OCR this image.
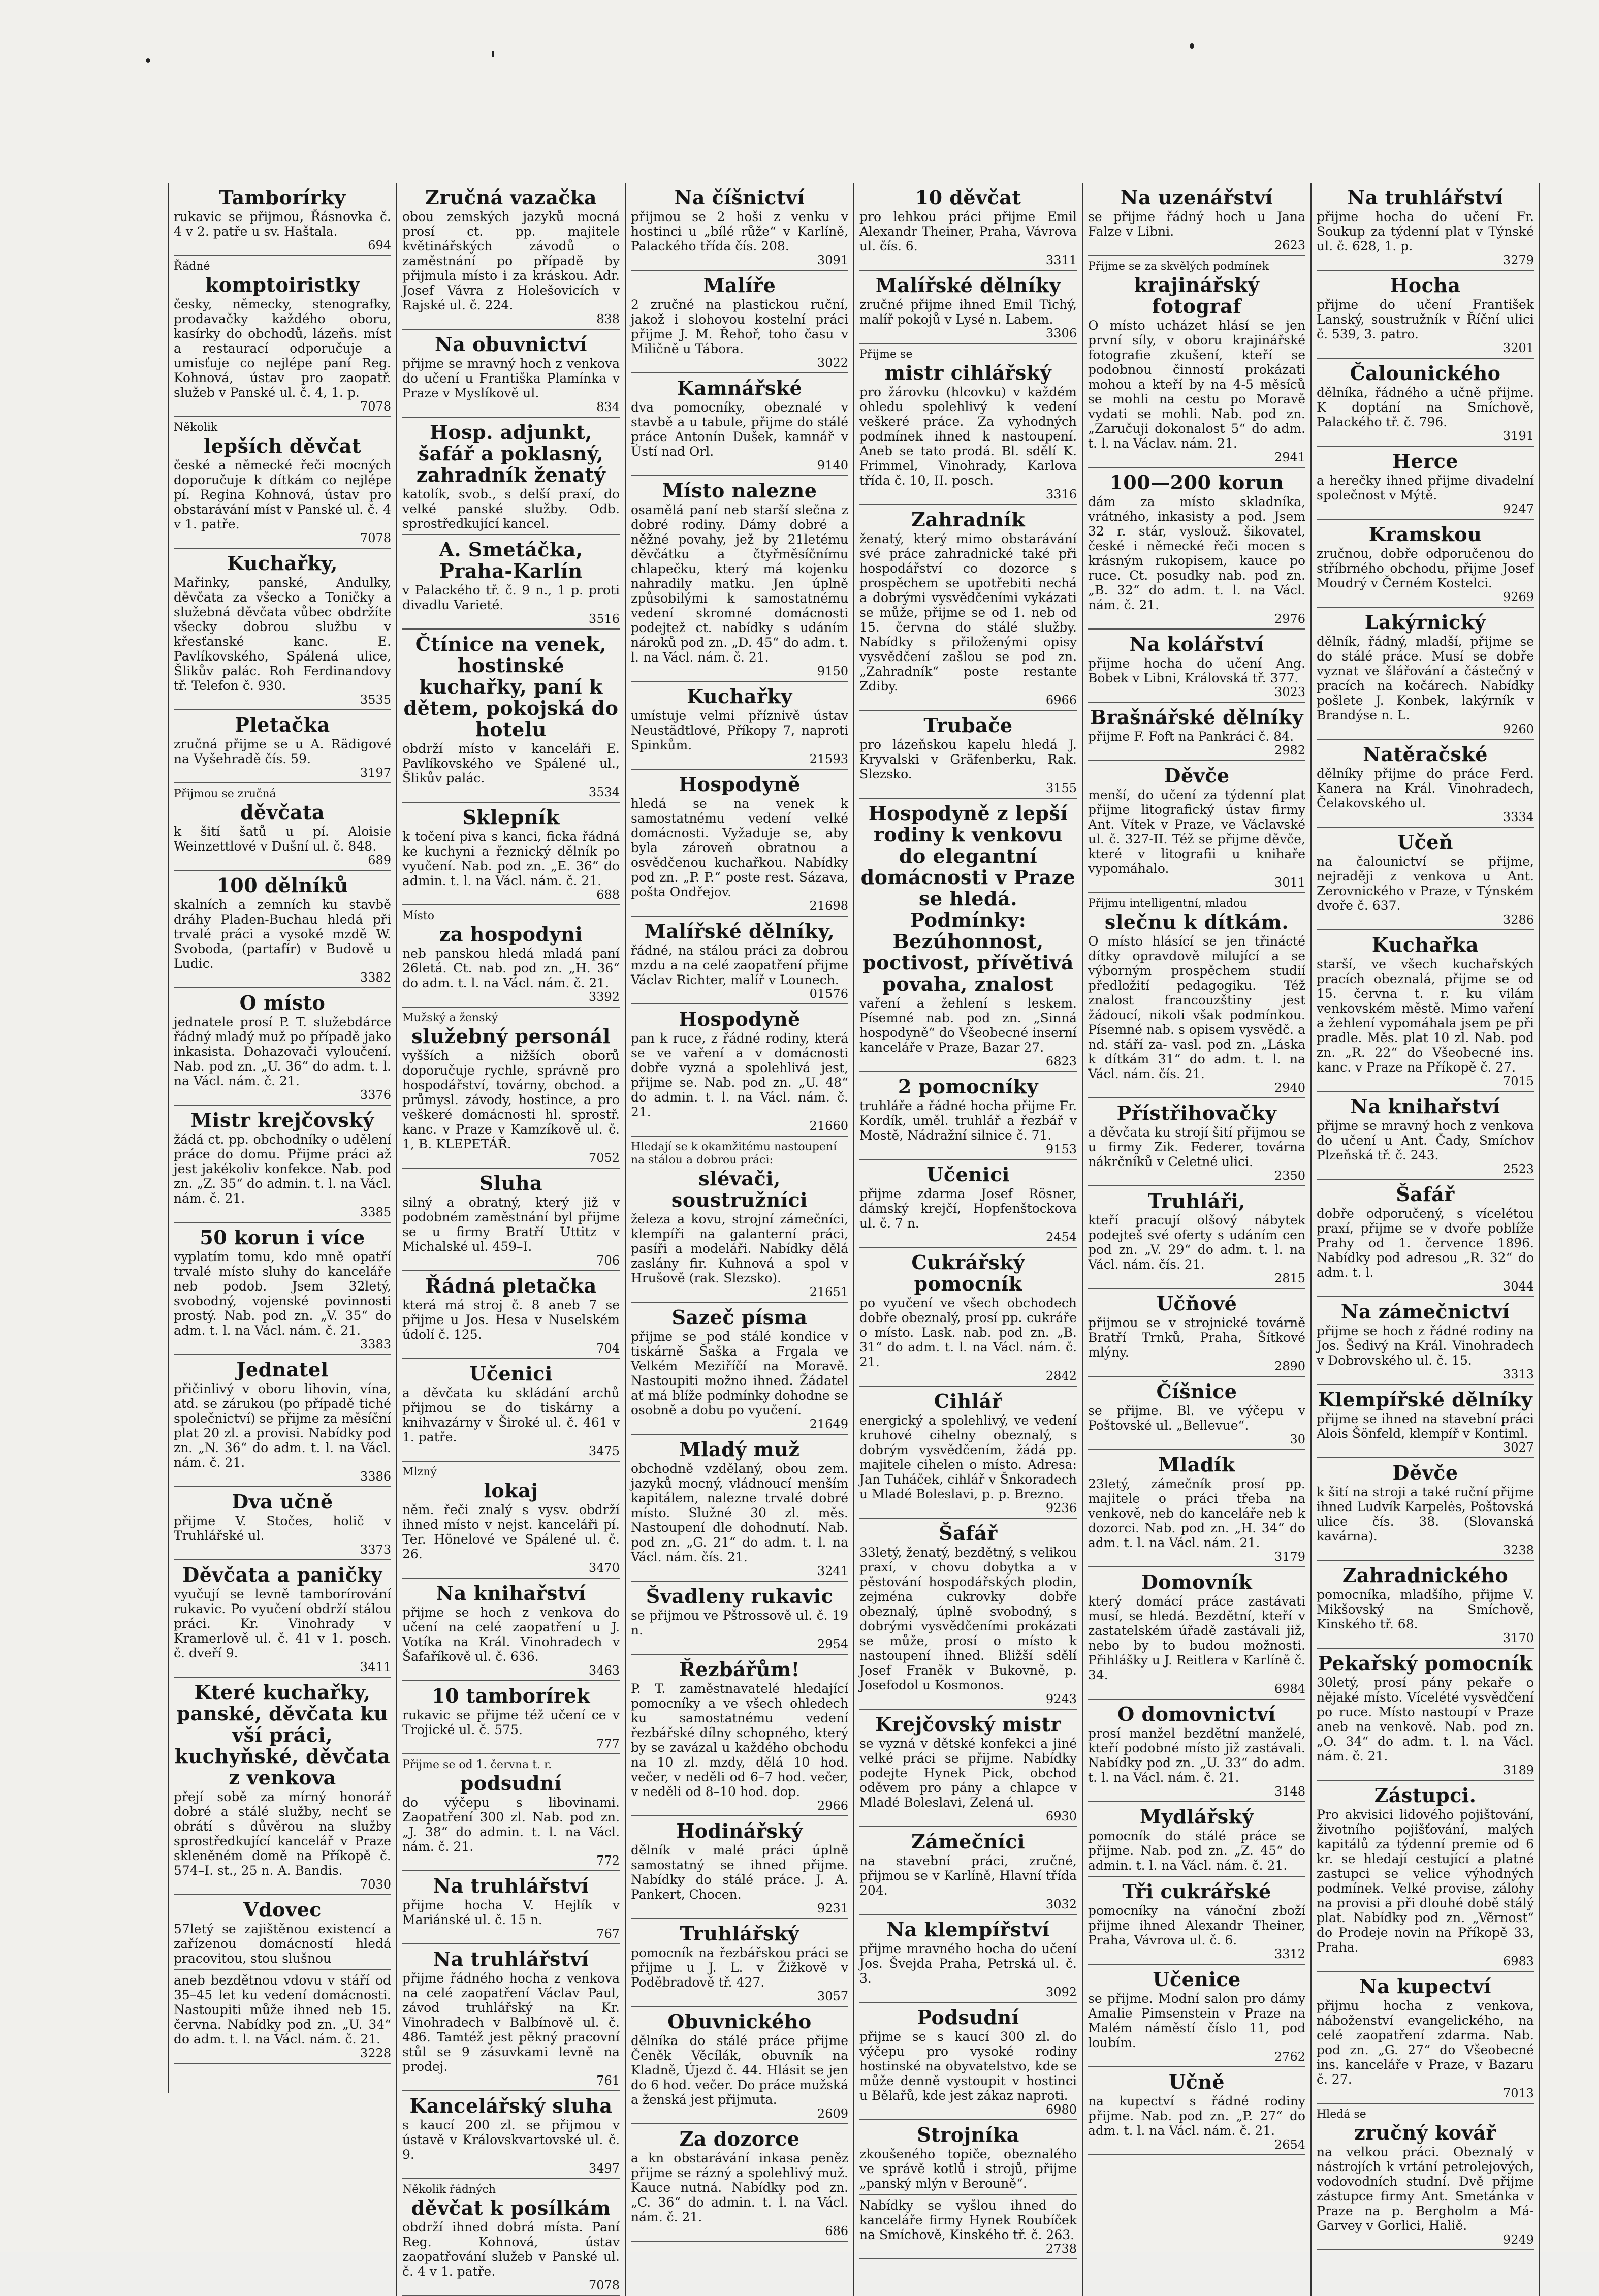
Tamborírky
rukavic se přijmou, Řásnovka č. 4 v 2. patře u sv. Haštala.
694
Řádné
komptoiristky
česky, německy, stenografky, prodavačky každého oboru, kasírky do obchodů, lázeňs. míst a restaurací odporučuje a umisťuje co nejlépe paní Reg. Kohnová, ústav pro zaopatř. služeb v Panské ul. č. 4, 1. p.
7078
Několik
lepších děvčat
české a německé řeči mocných doporučuje k dítkám co nejlépe pí. Regina Kohnová, ústav pro obstarávání míst v Panské ul. č. 4 v 1. patře.
7078
Kuchařky,
Mařinky, panské, Andulky, děvčata za všecko a Toničky a služebná děvčata vůbec obdržíte všecky dobrou službu v křesťanské kanc. E. Pavlíkovského, Spálená ulice, Šlikův palác. Roh Ferdinandovy tř. Telefon č. 930.
3535
Pletačka
zručná přijme se u A. Rädigové na Vyšehradě čís. 59.
3197
Přijmou se zručná
děvčata
k šití šatů u pí. Aloisie Weinzettlové v Dušní ul. č. 848.
689
100 dělníků
skalních a zemních ku stavbě dráhy Pladen-Buchau hledá při trvalé práci a vysoké mzdě W. Svoboda, (partafír) v Budově u Ludic.
3382
O místo
jednatele prosí P. T. služebdárce řádný mladý muž po případě jako inkasista. Dohazovači vyloučení. Nab. pod zn. „U. 36“ do adm. t. l. na Václ. nám. č. 21.
3376
Mistr krejčovský
žádá ct. pp. obchodníky o udělení práce do domu. Přijme práci až jest jakékoliv konfekce. Nab. pod zn. „Z. 35“ do admin. t. l. na Václ. nám. č. 21.
3385
50 korun i více
vyplatím tomu, kdo mně opatří trvalé místo sluhy do kanceláře neb podob. Jsem 32letý, svobodný, vojenské povinnosti prostý. Nab. pod zn. „V. 35“ do adm. t. l. na Václ. nám. č. 21.
3383
Jednatel
přičinlivý v oboru lihovin, vína, atd. se zárukou (po případě tiché společnictví) se přijme za měsíční plat 20 zl. a provisi. Nabídky pod zn. „N. 36“ do adm. t. l. na Václ. nám. č. 21.
3386
Dva učně
přijme V. Stočes, holič v Truhlářské ul.
3373
Děvčata a paničky
vyučují se levně tamborírování rukavic. Po vyučení obdrží stálou práci. Kr. Vinohrady v Kramerlově ul. č. 41 v 1. posch. č. dveří 9.
3411
Které kuchařky, panské, děvčata ku vší práci, kuchyňské, děvčata z venkova
přejí sobě za mírný honorář dobré a stálé služby, nechť se obrátí s důvěrou na služby sprostředkující kancelář v Praze skleněném domě na Příkopě č. 574–I. st., 25 n. A. Bandis.
7030
Vdovec
57letý se zajištěnou existencí a zařízenou domácností hledá pracovitou, stou slušnou
aneb bezdětnou vdovu v stáří od 35–45 let ku vedení domácnosti. Nastoupiti může ihned neb 15. června. Nabídky pod zn. „U. 34“ do adm. t. l. na Václ. nám. č. 21.
3228
Zručná vazačka
obou zemských jazyků mocná prosí ct. pp. majitele květinářských závodů o zaměstnání po případě by přijmula místo i za kráskou. Adr. Josef Vávra z Holešovicích v Rajské ul. č. 224.
838
Na obuvnictví
přijme se mravný hoch z venkova do učení u Františka Plamínka v Praze v Myslíkově ul.
834
Hosp. adjunkt, šafář a poklasný, zahradník ženatý
katolík, svob., s delší praxí, do velké panské služby. Odb. sprostředkující kancel.
A. Smetáčka, Praha-Karlín
v Palackého tř. č. 9 n., 1 p. proti divadlu Varieté.
3516
Čtínice na venek, hostinské kuchařky, paní k dětem, pokojská do hotelu
obdrží místo v kanceláři E. Pavlíkovského ve Spálené ul., Šlikův palác.
3534
Sklepník
k točení piva s kanci, ficka řádná ke kuchyni a řeznický dělník po vyučení. Nab. pod zn. „E. 36“ do admin. t. l. na Václ. nám. č. 21.
688
Místo
za hospodyni
neb panskou hledá mladá paní 26letá. Ct. nab. pod zn. „H. 36“ do adm. t. l. na Václ. nám. č. 21.
3392
Mužský a ženský
služebný personál
vyšších a nižších oborů doporučuje rychle, správně pro hospodářství, továrny, obchod. a průmysl. závody, hostince, a pro veškeré domácnosti hl. sprostř. kanc. v Praze v Kamzíkově ul. č. 1, B. KLEPETÁŘ.
7052
Sluha
silný a obratný, který již v podobném zaměstnání byl přijme se u firmy Bratří Uttitz v Michalské ul. 459–I.
706
Řádná pletačka
která má stroj č. 8 aneb 7 se přijme u Jos. Hesa v Nuselském údolí č. 125.
704
Učenici
a děvčata ku skládání archů přijmou se do tiskárny a knihvazárny v Široké ul. č. 461 v 1. patře.
3475
Mlzný
lokaj
něm. řeči znalý s vysv. obdrží ihned místo v nejst. kanceláři pí. Ter. Hönelové ve Spálené ul. č. 26.
3470
Na knihařství
přijme se hoch z venkova do učení na celé zaopatření u J. Votíka na Král. Vinohradech v Šafaříkově ul. č. 636.
3463
10 tamborírek
rukavic se přijme též učení ce v Trojické ul. č. 575.
777
Přijme se od 1. června t. r.
podsudní
do výčepu s libovinami. Zaopatření 300 zl. Nab. pod zn. „J. 38“ do admin. t. l. na Václ. nám. č. 21.
772
Na truhlářství
přijme hocha V. Hejlík v Mariánské ul. č. 15 n.
767
Na truhlářství
přijme řádného hocha z venkova na celé zaopatření Václav Paul, závod truhlářský na Kr. Vinohradech v Balbínově ul. č. 486. Tamtéž jest pěkný pracovní stůl se 9 zásuvkami levně na prodej.
761
Kancelářský sluha
s kaucí 200 zl. se přijmou v ústavě v Královskvartovské ul. č. 9.
3497
Několik řádných
děvčat k posílkám
obdrží ihned dobrá místa. Paní Reg. Kohnová, ústav zaopatřování služeb v Panské ul. č. 4 v 1. patře.
7078
Na číšnictví
přijmou se 2 hoši z venku v hostinci u „bílé růže“ v Karlíně, Palackého třída čís. 208.
3091
Malíře
2 zručné na plastickou ruční, jakož i slohovou kostelní práci přijme J. M. Řehoř, toho času v Miličně u Tábora.
3022
Kamnářské
dva pomocníky, obeznalé v stavbě a u tabule, přijme do stálé práce Antonín Dušek, kamnář v Ústí nad Orl.
9140
Místo nalezne
osamělá paní neb starší slečna z dobré rodiny. Dámy dobré a něžné povahy, jež by 21letému děvčátku a čtyřměsíčnímu chlapečku, který má kojenku nahradily matku. Jen úplně způsobilými k samostatnému vedení skromné domácnosti podejtež ct. nabídky s udáním nároků pod zn. „D. 45“ do adm. t. l. na Václ. nám. č. 21.
9150
Kuchařky
umístuje velmi příznivě ústav Neustädtlové, Příkopy 7, naproti Spinkům.
21593
Hospodyně
hledá se na venek k samostatnému vedení velké domácnosti. Vyžaduje se, aby byla zároveň obratnou a osvědčenou kuchařkou. Nabídky pod zn. „P. P.“ poste rest. Sázava, pošta Ondřejov.
21698
Malířské dělníky,
řádné, na stálou práci za dobrou mzdu a na celé zaopatření přijme Václav Richter, malíř v Lounech.
01576
Hospodyně
pan k ruce, z řádné rodiny, která se ve vaření a v domácnosti dobře vyzná a spolehlivá jest, přijme se. Nab. pod zn. „U. 48“ do admin. t. l. na Václ. nám. č. 21.
21660
Hledají se k okamžitému nastoupení na stálou a dobrou práci:
slévači, soustružníci
železa a kovu, strojní zámečníci, klempíři na galanterní práci, pasíři a modeláři. Nabídky dělá zaslány fir. Kuhnová a spol v Hrušově (rak. Slezsko).
21651
Sazeč písma
přijme se pod stálé kondice v tiskárně Šaška a Frgala ve Velkém Meziříčí na Moravě. Nastoupiti možno ihned. Žádatel ať má blíže podmínky dohodne se osobně a dobu po vyučení.
21649
Mladý muž
obchodně vzdělaný, obou zem. jazyků mocný, vládnoucí menším kapitálem, nalezne trvalé dobré místo. Služné 30 zl. měs. Nastoupení dle dohodnutí. Nab. pod zn. „G. 21“ do adm. t. l. na Václ. nám. čís. 21.
3241
Švadleny rukavic
se přijmou ve Pštrossově ul. č. 19 n.
2954
Řezbářům!
P. T. zaměstnavatelé hledající pomocníky a ve všech ohledech ku samostatnému vedení řezbářské dílny schopného, který by se zavázal u každého obchodu na 10 zl. mzdy, dělá 10 hod. večer, v neděli od 6–7 hod. večer, v neděli od 8–10 hod. dop.
2966
Hodinářský
dělník v malé práci úplně samostatný se ihned přijme. Nabídky do stálé práce. J. A. Pankert, Chocen.
9231
Truhlářský
pomocník na řezbářskou práci se přijme u J. L. v Žižkově v Poděbradově tř. 427.
3057
Obuvnického
dělníka do stálé práce přijme Čeněk Věcílák, obuvník na Kladně, Újezd č. 44. Hlásit se jen do 6 hod. večer. Do práce mužská a ženská jest přijmuta.
2609
Za dozorce
a kn obstarávání inkasa peněz přijme se rázný a spolehlivý muž. Kauce nutná. Nabídky pod zn. „C. 36“ do admin. t. l. na Václ. nám. č. 21.
686
10 děvčat
pro lehkou práci přijme Emil Alexandr Theiner, Praha, Vávrova ul. čís. 6.
3311
Malířské dělníky
zručné přijme ihned Emil Tichý, malíř pokojů v Lysé n. Labem.
3306
Přijme se
mistr cihlářský
pro žárovku (hlcovku) v každém ohledu spolehlivý k vedení veškeré práce. Za vyhodných podmínek ihned k nastoupení. Aneb se tato prodá. Bl. sdělí K. Frimmel, Vinohrady, Karlova třída č. 10, II. posch.
3316
Zahradník
ženatý, který mimo obstarávání své práce zahradnické také při hospodářství co dozorce s prospěchem se upotřebiti nechá a dobrými vysvědčeními vykázati se může, přijme se od 1. neb od 15. června do stálé služby. Nabídky s přiloženými opisy vysvědčení zašlou se pod zn. „Zahradník“ poste restante Zdiby.
6966
Trubače
pro lázeňskou kapelu hledá J. Kryvalski v Gräfenberku, Rak. Slezsko.
3155
Hospodyně z lepší rodiny k venkovu do elegantní domácnosti v Praze se hledá. Podmínky: Bezúhonnost, poctivost, přívětivá povaha, znalost
vaření a žehlení s leskem. Písemné nab. pod zn. „Sinná hospodyně“ do Všeobecné inserní kanceláře v Praze, Bazar 27.
6823
2 pomocníky
truhláře a řádné hocha přijme Fr. Kordík, uměl. truhlář a řezbář v Mostě, Nádražní silnice č. 71.
9153
Učenici
přijme zdarma Josef Rösner, dámský krejčí, Hopfenštockova ul. č. 7 n.
2454
Cukrářský pomocník
po vyučení ve všech obchodech dobře obeznalý, prosí pp. cukráře o místo. Lask. nab. pod zn. „B. 31“ do adm. t. l. na Václ. nám. č. 21.
2842
Cihlář
energický a spolehlivý, ve vedení kruhové cihelny obeznalý, s dobrým vysvědčením, žádá pp. majitele cihelen o místo. Adresa: Jan Tuháček, cihlář v Šnkoradech u Mladé Boleslavi, p. p. Brezno.
9236
Šafář
33letý, ženatý, bezdětný, s velikou praxí, v chovu dobytka a v pěstování hospodářských plodin, zejména cukrovky dobře obeznalý, úplně svobodný, s dobrými vysvědčeními prokázati se může, prosí o místo k nastoupení ihned. Bližší sdělí Josef Franěk v Bukovně, p. Josefodol u Kosmonos.
9243
Krejčovský mistr
se vyzná v dětské konfekci a jiné velké práci se přijme. Nabídky podejte Hynek Pick, obchod oděvem pro pány a chlapce v Mladé Boleslavi, Zelená ul.
6930
Zámečníci
na stavební práci, zručné, přijmou se v Karlíně, Hlavní třída 204.
3032
Na klempířství
přijme mravného hocha do učení Jos. Švejda Praha, Petrská ul. č. 3.
3092
Podsudní
přijme se s kaucí 300 zl. do výčepu pro vysoké rodiny hostinské na obyvatelstvo, kde se může denně vystoupit v hostinci u Bělařů, kde jest zákaz naproti.
6980
Strojníka
zkoušeného topiče, obeznalého ve správě kotlů i strojů, přijme „panský mlýn v Berouně“.
Nabídky se vyšlou ihned do kanceláře firmy Hynek Roubíček na Smíchově, Kinského tř. č. 263.
2738
Na uzenářství
se přijme řádný hoch u Jana Falze v Libni.
2623
Přijme se za skvělých podmínek
krajinářský fotograf
O místo ucházet hlásí se jen první síly, v oboru krajinářské fotografie zkušení, kteří se podobnou činností prokázati mohou a kteří by na 4-5 měsíců se mohli na cestu po Moravě vydati se mohli. Nab. pod zn. „Zaručuji dokonalost 5“ do adm. t. l. na Václav. nám. 21.
2941
100—200 korun
dám za místo skladníka, vrátného, inkasisty a pod. Jsem 32 r. stár, vyslouž. šikovatel, české i německé řeči mocen s krásným rukopisem, kauce po ruce. Ct. posudky nab. pod zn. „B. 32“ do adm. t. l. na Václ. nám. č. 21.
2976
Na kolářství
přijme hocha do učení Ang. Bobek v Libni, Královská tř. 377.
3023
Brašnářské dělníky
přijme F. Foft na Pankráci č. 84.
2982
Děvče
menší, do učení za týdenní plat přijme litografický ústav firmy Ant. Vítek v Praze, ve Václavské ul. č. 327-II. Též se přijme děvče, které v litografii u knihaře vypomáhalo.
3011
Přijmu intelligentní, mladou
slečnu k dítkám.
O místo hlásící se jen třinácté dítky opravdově milující a se výborným prospěchem studií předložití pedagogiku. Též znalost francouzštiny jest žádoucí, nikoli však podmínkou. Písemné nab. s opisem vysvědč. a nd. stáří za- vasl. pod zn. „Láska k dítkám 31“ do adm. t. l. na Václ. nám. čís. 21.
2940
Přístřihovačky
a děvčata ku strojí šití přijmou se u firmy Zik. Federer, továrna nákrčníků v Celetné ulici.
2350
Truhláři,
kteří pracují olšový nábytek podejteš své oferty s udáním cen pod zn. „V. 29“ do adm. t. l. na Václ. nám. čís. 21.
2815
Učňové
přijmou se v strojnické továrně Bratří Trnků, Praha, Šítkové mlýny.
2890
Číšnice
se přijme. Bl. ve výčepu v Poštovské ul. „Bellevue“.
30
Mladík
23letý, zámečník prosí pp. majitele o práci třeba na venkově, neb do kanceláře neb k dozorci. Nab. pod zn. „H. 34“ do adm. t. l. na Václ. nám. 21.
3179
Domovník
který domácí práce zastávati musí, se hledá. Bezdětní, kteří v zastatelském úřadě zastávali již, nebo by to budou možnosti. Přihlášky u J. Reitlera v Karlíně č. 34.
6984
O domovnictví
prosí manžel bezdětní manželé, kteří podobné místo již zastávali. Nabídky pod zn. „U. 33“ do adm. t. l. na Václ. nám. č. 21.
3148
Mydlářský
pomocník do stálé práce se přijme. Nab. pod zn. „Z. 45“ do admin. t. l. na Václ. nám. č. 21.
Tři cukrářské
pomocníky na vánoční zboží přijme ihned Alexandr Theiner, Praha, Vávrova ul. č. 6.
3312
Učenice
se přijme. Modní salon pro dámy Amalie Pimsenstein v Praze na Malém náměstí číslo 11, pod loubím.
2762
Učně
na kupectví s řádné rodiny přijme. Nab. pod zn. „P. 27“ do adm. t. l. na Václ. nám. č. 21.
2654
Na truhlářství
přijme hocha do učení Fr. Soukup za týdenní plat v Týnské ul. č. 628, 1. p.
3279
Hocha
přijme do učení František Lanský, soustružník v Říční ulici č. 539, 3. patro.
3201
Čalounického
dělníka, řádného a učně přijme. K doptání na Smíchově, Palackého tř. č. 796.
3191
Herce
a herečky ihned přijme divadelní společnost v Mýtě.
9247
Kramskou
zručnou, dobře odporučenou do stříbrného obchodu, přijme Josef Moudrý v Černém Kostelci.
9269
Lakýrnický
dělník, řádný, mladší, přijme se do stálé práce. Musí se dobře vyznat ve šlářování a částečný v pracích na kočárech. Nabídky pošlete J. Konbek, lakýrník v Brandýse n. L.
9260
Natěračské
dělníky přijme do práce Ferd. Kanera na Král. Vinohradech, Čelakovského ul.
3334
Učeň
na čalounictví se přijme, nejraději z venkova u Ant. Zerovnického v Praze, v Týnském dvoře č. 637.
3286
Kuchařka
starší, ve všech kuchařských pracích obeznalá, přijme se od 15. června t. r. ku vilám venkovském městě. Mimo vaření a žehlení vypomáhala jsem pe při pradle. Měs. plat 10 zl. Nab. pod zn. „R. 22“ do Všeobecné ins. kanc. v Praze na Příkopě č. 27.
7015
Na knihařství
přijme se mravný hoch z venkova do učení u Ant. Čady, Smíchov Plzeňská tř. č. 243.
2523
Šafář
dobře odporučený, s vícelétou praxí, přijme se v dvoře poblíže Prahy od 1. července 1896. Nabídky pod adresou „R. 32“ do adm. t. l.
3044
Na zámečnictví
přijme se hoch z řádné rodiny na Jos. Šedivý na Král. Vinohradech v Dobrovského ul. č. 15.
3313
Klempířské dělníky
přijme se ihned na stavební práci Alois Šönfeld, klempíř v Kontiml.
3027
Děvče
k šití na stroji a také ruční přijme ihned Ludvík Karpelės, Poštovská ulice čís. 38. (Slovanská kavárna).
3238
Zahradnického
pomocníka, mladšího, přijme V. Mikšovský na Smíchově, Kinského tř. 68.
3170
Pekařský pomocník
30letý, prosí pány pekaře o nějaké místo. Vícelété vysvědčení po ruce. Místo nastoupí v Praze aneb na venkově. Nab. pod zn. „O. 34“ do adm. t. l. na Václ. nám. č. 21.
3189
Zástupci.
Pro akvisici lidového pojištování, životního pojišťování, malých kapitálů za týdenní premie od 6 kr. se hledají cestující a platné zastupci se velice výhodných podmínek. Velké provise, zálohy na provisi a při dlouhé době stálý plat. Nabídky pod zn. „Věrnost“ do Prodeje novin na Příkopě 33, Praha.
6983
Na kupectví
přijmu hocha z venkova, náboženství evangelického, na celé zaopatření zdarma. Nab. pod zn. „G. 27“ do Všeobecné ins. kanceláře v Praze, v Bazaru č. 27.
7013
Hledá se
zručný kovář
na velkou práci. Obeznalý v nástrojích k vrtání petrolejových, vodovodních studní. Dvě přijme zástupce firmy Ant. Smetánka v Praze na p. Bergholm a Má-Garvey v Gorlici, Haliě.
9249
